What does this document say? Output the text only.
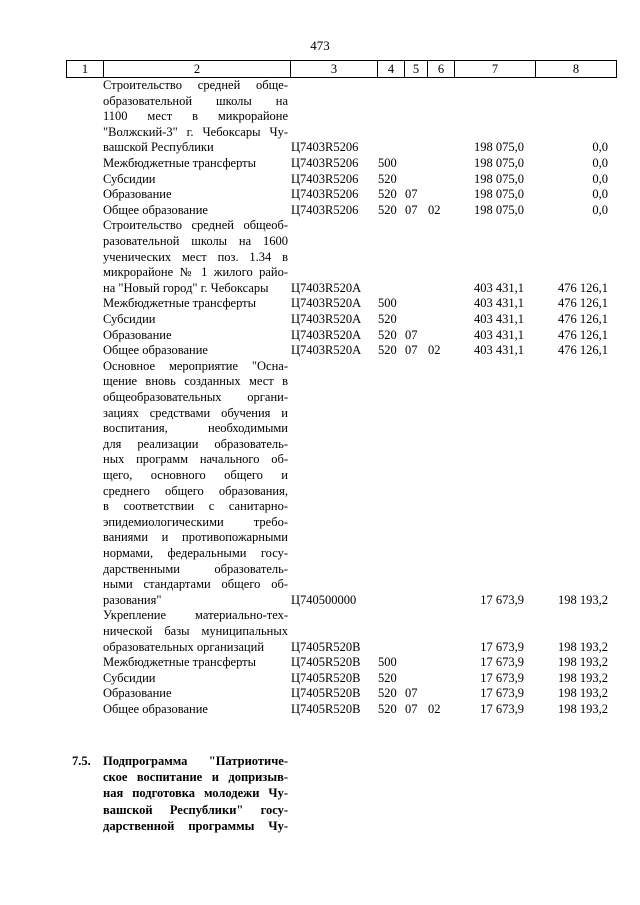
473
1	2	3	4	5	6	7	8
Строительство средней обще-
образовательной школы на
1100 мест в микрорайоне
"Волжский-3" г. Чебоксары Чу-
вашской Республики	Ц7403R5206	198 075,0	0,0
Межбюджетные трансферты	Ц7403R5206 500	198 075,0	0,0
Субсидии	Ц7403R5206 520	198 075,0	0,0
Образование	Ц7403R5206 520 07	198 075,0	0,0
Общее образование	Ц7403R5206 520 07 02	198 075,0	0,0
Строительство средней общеоб-
разовательной школы на 1600
ученических мест поз. 1.34 в
микрорайоне № 1 жилого райо-
на "Новый город" г. Чебоксары	Ц7403R520A	403 431,1	476 126,1
Межбюджетные трансферты	Ц7403R520A 500	403 431,1	476 126,1
Субсидии	Ц7403R520A 520	403 431,1	476 126,1
Образование	Ц7403R520A 520 07	403 431,1	476 126,1
Общее образование	Ц7403R520A 520 07 02	403 431,1	476 126,1
Основное мероприятие "Осна-
щение вновь созданных мест в
общеобразовательных органи-
зациях средствами обучения и
воспитания, необходимыми
для реализации образователь-
ных программ начального об-
щего, основного общего и
среднего общего образования,
в соответствии с санитарно-
эпидемиологическими требо-
ваниями и противопожарными
нормами, федеральными госу-
дарственными образователь-
ными стандартами общего об-
разования"	Ц740500000	17 673,9	198 193,2
Укрепление материально-тех-
нической базы муниципальных
образовательных организаций	Ц7405R520B	17 673,9	198 193,2
Межбюджетные трансферты	Ц7405R520B 500	17 673,9	198 193,2
Субсидии	Ц7405R520B 520	17 673,9	198 193,2
Образование	Ц7405R520B 520 07	17 673,9	198 193,2
Общее образование	Ц7405R520B 520 07 02	17 673,9	198 193,2
7.5. Подпрограмма "Патриотиче-
ское воспитание и допризыв-
ная подготовка молодежи Чу-
вашской Республики" госу-
дарственной программы Чу-
